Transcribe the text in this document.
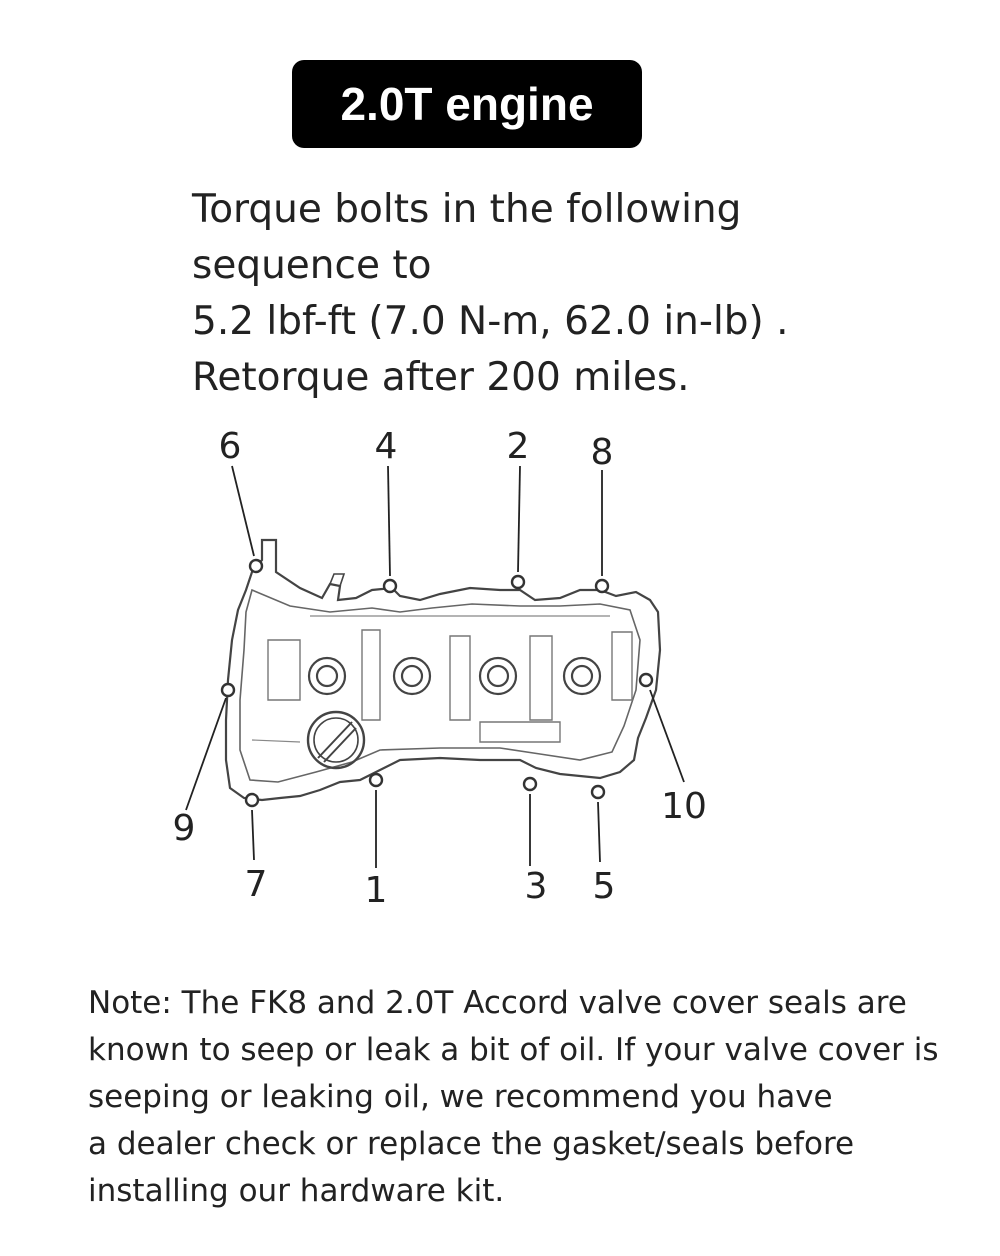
2.0T engine
Torque bolts in the following
sequence to
5.2 lbf-ft (7.0 N-m, 62.0 in-lb) .
Retorque after 200 miles.
6	4	2 8
9
10
7	1	3 5
Note: The FK8 and 2.0T Accord valve cover seals are
known to seep or leak a bit of oil. If your valve cover is
seeping or leaking oil, we recommend you have
a dealer check or replace the gasket/seals before
installing our hardware kit.
